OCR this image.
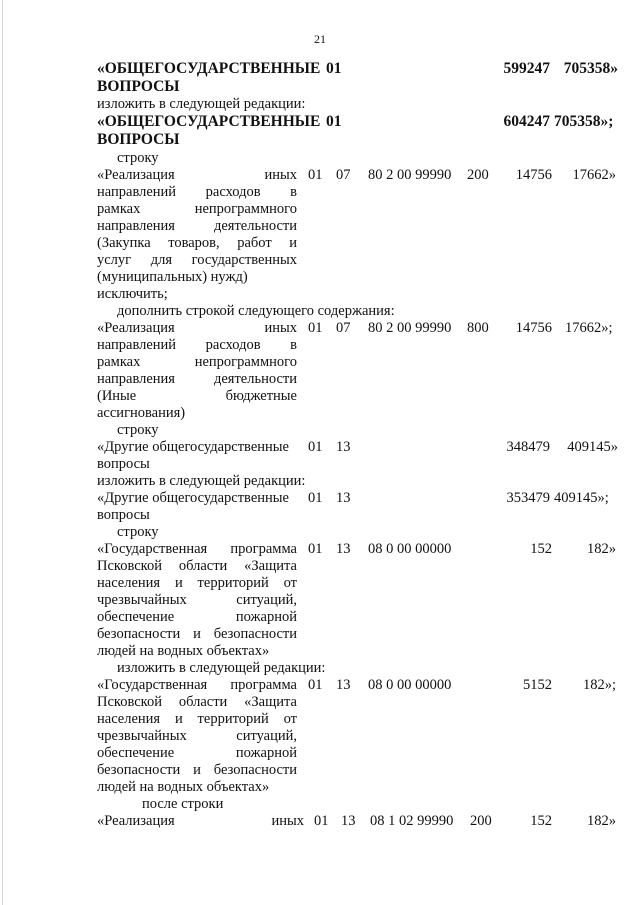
21
«ОБЩЕГОСУДАРСТВЕННЫЕ
ВОПРОСЫ
01	599247 705358»
изложить в следующей редакции:
«ОБЩЕГОСУДАРСТВЕННЫЕ
ВОПРОСЫ
01	604247 705358»;
строку
«Реализация иных
направлений расходов в
рамках непрограммного
направления деятельности
(Закупка товаров, работ и
услуг для государственных
(муниципальных) нужд)
01 07 80 2 00 99990 200	14756	17662»
исключить;
дополнить строкой следующего содержания:
«Реализация иных
направлений расходов в
рамках непрограммного
направления деятельности
(Иные бюджетные
ассигнования)
01 07 80 2 00 99990 800	14756 17662»;
строку
«Другие общегосударственные
вопросы
01 13	348479	409145»
изложить в следующей редакции:
«Другие общегосударственные
вопросы
01 13	353479 409145»;
строку
«Государственная программа
Псковской области «Защита
населения и территорий от
чрезвычайных ситуаций,
обеспечение пожарной
безопасности и безопасности
людей на водных объектах»
01 13 08 0 00 00000	152	182»
изложить в следующей редакции:
«Государственная программа
Псковской области «Защита
населения и территорий от
чрезвычайных ситуаций,
обеспечение пожарной
безопасности и безопасности
людей на водных объектах»
01 13 08 0 00 00000	5152 182»;
после строки
«Реализация иных 01 13 08 1 02 99990 200	152	182»
